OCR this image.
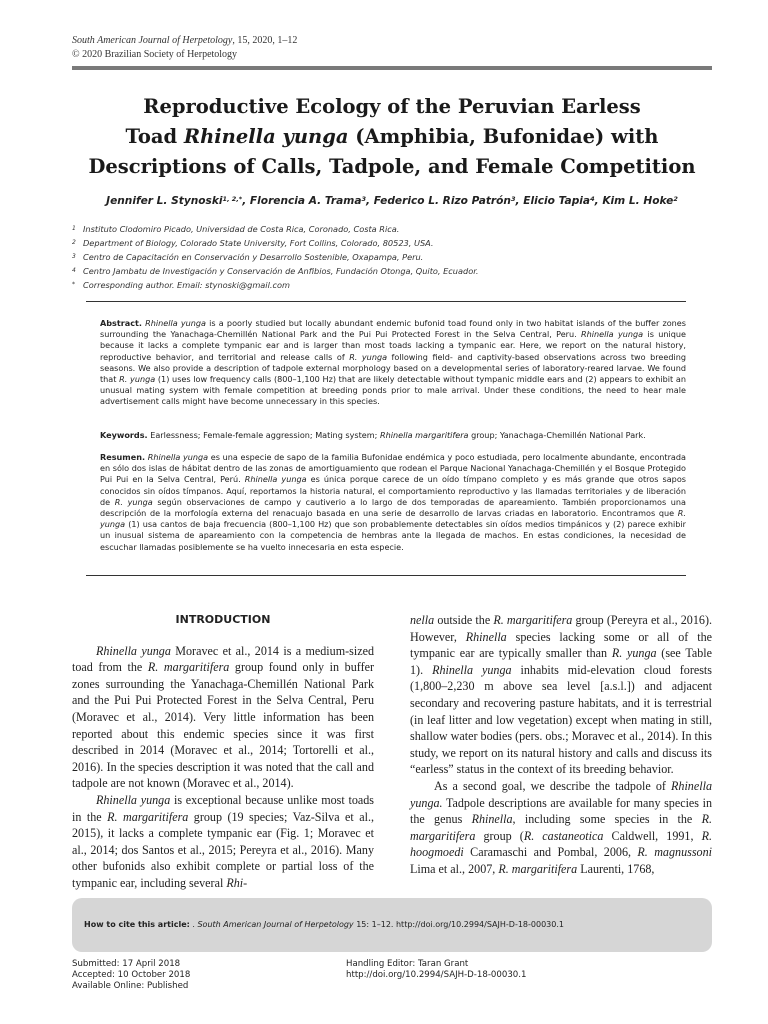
South American Journal of Herpetology, 15, 2020, 1–12
© 2020 Brazilian Society of Herpetology
Reproductive Ecology of the Peruvian Earless
Toad Rhinella yunga (Amphibia, Bufonidae) with
Descriptions of Calls, Tadpole, and Female Competition
Jennifer L. Stynoski$^{1, 2,*}$, Florencia A. Trama$^3$, Federico L. Rizo Patrón$^3$, Elicio Tapia$^4$, Kim L. Hoke$^2$
1 Instituto Clodomiro Picado, Universidad de Costa Rica, Coronado, Costa Rica.
2 Department of Biology, Colorado State University, Fort Collins, Colorado, 80523, USA.
3 Centro de Capacitación en Conservación y Desarrollo Sostenible, Oxapampa, Peru.
4 Centro Jambatu de Investigación y Conservación de Anfibios, Fundación Otonga, Quito, Ecuador.
* Corresponding author. Email: stynoski@gmail.com
Abstract. Rhinella yunga is a poorly studied but locally abundant endemic bufonid toad found only in two habitat islands of the buffer zones surrounding the Yanachaga-Chemillén National Park and the Pui Pui Protected Forest in the Selva Central, Peru. Rhinella yunga is unique because it lacks a complete tympanic ear and is larger than most toads lacking a tympanic ear. Here, we report on the natural history, reproductive behavior, and territorial and release calls of R. yunga following field- and captivity-based observations across two breeding seasons. We also provide a description of tadpole external morphology based on a developmental series of laboratory-reared larvae. We found that R. yunga (1) uses low frequency calls (800–1,100 Hz) that are likely detectable without tympanic middle ears and (2) appears to exhibit an unusual mating system with female competition at breeding ponds prior to male arrival. Under these conditions, the need to hear male advertisement calls might have become unnecessary in this species.
Keywords. Earlessness; Female-female aggression; Mating system; Rhinella margaritifera group; Yanachaga-Chemillén National Park.
Resumen. Rhinella yunga es una especie de sapo de la familia Bufonidae endémica y poco estudiada, pero localmente abundante, encontrada en sólo dos islas de hábitat dentro de las zonas de amortiguamiento que rodean el Parque Nacional Yanachaga-Chemillén y el Bosque Protegido Pui Pui en la Selva Central, Perú. Rhinella yunga es única porque carece de un oído tímpano completo y es más grande que otros sapos conocidos sin oídos tímpanos. Aquí, reportamos la historia natural, el comportamiento reproductivo y las llamadas territoriales y de liberación de R. yunga según observaciones de campo y cautiverio a lo largo de dos temporadas de apareamiento. También proporcionamos una descripción de la morfología externa del renacuajo basada en una serie de desarrollo de larvas criadas en laboratorio. Encontramos que R. yunga (1) usa cantos de baja frecuencia (800–1,100 Hz) que son probablemente detectables sin oídos medios timpánicos y (2) parece exhibir un inusual sistema de apareamiento con la competencia de hembras ante la llegada de machos. En estas condiciones, la necesidad de escuchar llamadas posiblemente se ha vuelto innecesaria en esta especie.
INTRODUCTION

Rhinella yunga Moravec et al., 2014 is a medium-sized toad from the R. margaritifera group found only in buffer zones surrounding the Yanachaga-Chemillén National Park and the Pui Pui Protected Forest in the Selva Central, Peru (Moravec et al., 2014). Very little information has been reported about this endemic species since it was first described in 2014 (Moravec et al., 2014; Tortorelli et al., 2016). In the species description it was noted that the call and tadpole are not known (Moravec et al., 2014).

Rhinella yunga is exceptional because unlike most toads in the R. margaritifera group (19 species; Vaz-Silva et al., 2015), it lacks a complete tympanic ear (Fig. 1; Moravec et al., 2014; dos Santos et al., 2015; Pereyra et al., 2016). Many other bufonids also exhibit complete or partial loss of the tympanic ear, including several Rhi-

nella outside the R. margaritifera group (Pereyra et al., 2016). However, Rhinella species lacking some or all of the tympanic ear are typically smaller than R. yunga (see Table 1). Rhinella yunga inhabits mid-elevation cloud forests (1,800–2,230 m above sea level [a.s.l.]) and adjacent secondary and recovering pasture habitats, and it is terrestrial (in leaf litter and low vegetation) except when mating in still, shallow water bodies (pers. obs.; Moravec et al., 2014). In this study, we report on its natural history and calls and discuss its “earless” status in the context of its breeding behavior.

As a second goal, we describe the tadpole of Rhinella yunga. Tadpole descriptions are available for many species in the genus Rhinella, including some species in the R. margaritifera group (R. castaneotica Caldwell, 1991, R. hoogmoedi Caramaschi and Pombal, 2006, R. magnussoni Lima et al., 2007, R. margaritifera Laurenti, 1768,

How to cite this article: . South American Journal of Herpetology 15: 1–12. http://doi.org/10.2994/SAJH-D-18-00030.1
Submitted: 17 April 2018
Accepted: 10 October 2018
Available Online: Published
Handling Editor: Taran Grant
http://doi.org/10.2994/SAJH-D-18-00030.1
